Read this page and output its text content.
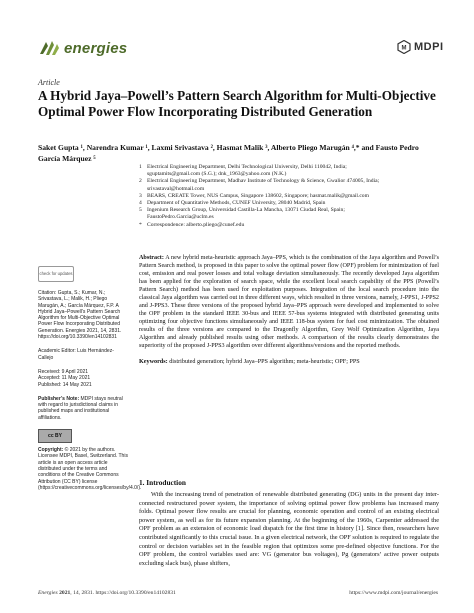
energies	M MDPI
Article
A Hybrid Jaya–Powell’s Pattern Search Algorithm for Multi-Objective Optimal Power Flow Incorporating Distributed Generation
Saket Gupta ¹, Narendra Kumar ¹, Laxmi Srivastava ², Hasmat Malik ³, Alberto Pliego Marugán ⁴,* and Fausto Pedro García Márquez ⁵
1 Electrical Engineering Department, Delhi Technological University, Delhi 110042, India;
sguptamits@gmail.com (S.G.); dnk_1963@yahoo.com (N.K.)
2 Electrical Engineering Department, Madhav Institute of Technology & Science, Gwalior 474005, India;
srivastaval@hotmail.com
3 BEARS, CREATE Tower, NUS Campus, Singapore 138602, Singapore; hasmat.malik@gmail.com
4 Department of Quantitative Methods, CUNEF University, 28040 Madrid, Spain
5 Ingenium Research Group, Universidad Castilla-La Mancha, 13071 Ciudad Real, Spain;
FaustoPedro.Garcia@uclm.es
* Correspondence: alberto.pliego@cunef.edu
check for updates
Citation: Gupta, S.; Kumar, N.; Srivastava, L.; Malik, H.; Pliego Marugán, A.; García Márquez, F.P. A Hybrid Jaya–Powell’s Pattern Search Algorithm for Multi-Objective Optimal Power Flow Incorporating Distributed Generation. Energies 2021, 14, 2831. https://doi.org/10.3390/en14102831
Academic Editor: Luis Hernández-Callejo
Received: 9 April 2021
Accepted: 11 May 2021
Published: 14 May 2021
Publisher’s Note: MDPI stays neutral with regard to jurisdictional claims in published maps and institutional affiliations.
cc BY
Copyright: © 2021 by the authors. Licensee MDPI, Basel, Switzerland. This article is an open access article distributed under the terms and conditions of the Creative Commons Attribution (CC BY) license (https://creativecommons.org/licenses/by/4.0/).

Abstract: A new hybrid meta-heuristic approach Jaya–PPS, which is the combination of the Jaya algorithm and Powell’s Pattern Search method, is proposed in this paper to solve the optimal power flow (OPF) problem for minimization of fuel cost, emission and real power losses and total voltage deviation simultaneously. The recently developed Jaya algorithm has been applied for the exploration of search space, while the excellent local search capability of the PPS (Powell’s Pattern Search) method has been used for exploitation purposes. Integration of the local search procedure into the classical Jaya algorithm was carried out in three different ways, which resulted in three versions, namely, J-PPS1, J-PPS2 and J-PPS3. These three versions of the proposed hybrid Jaya–PPS approach were developed and implemented to solve the OPF problem in the standard IEEE 30-bus and IEEE 57-bus systems integrated with distributed generating units optimizing four objective functions simultaneously and IEEE 118-bus system for fuel cost minimization. The obtained results of the three versions are compared to the Dragonfly Algorithm, Grey Wolf Optimization Algorithm, Jaya Algorithm and already published results using other methods. A comparison of the results clearly demonstrates the superiority of the proposed J-PPS3 algorithm over different algorithms/versions and the reported methods.

Keywords: distributed generation; hybrid Jaya–PPS algorithm; meta-heuristic; OPF; PPS

1. Introduction
With the increasing trend of penetration of renewable distributed generating (DG) units in the present day inter-connected restructured power system, the importance of solving optimal power flow problems has increased many folds. Optimal power flow results are crucial for planning, economic operation and control of an existing electrical power system, as well as for its future expansion planning. At the beginning of the 1960s, Carpentier addressed the OPF problem as an extension of economic load dispatch for the first time in history [1]. Since then, researchers have contributed significantly to this crucial issue. In a given electrical network, the OPF solution is required to regulate the control or decision variables set in the feasible region that optimizes some pre-defined objective functions. For the OPF problem, the control variables used are: VG (generator bus voltages), Pg (generators’ active power outputs excluding slack bus), phase shifters,
Energies 2021, 14, 2831. https://doi.org/10.3390/en14102831	https://www.mdpi.com/journal/energies
